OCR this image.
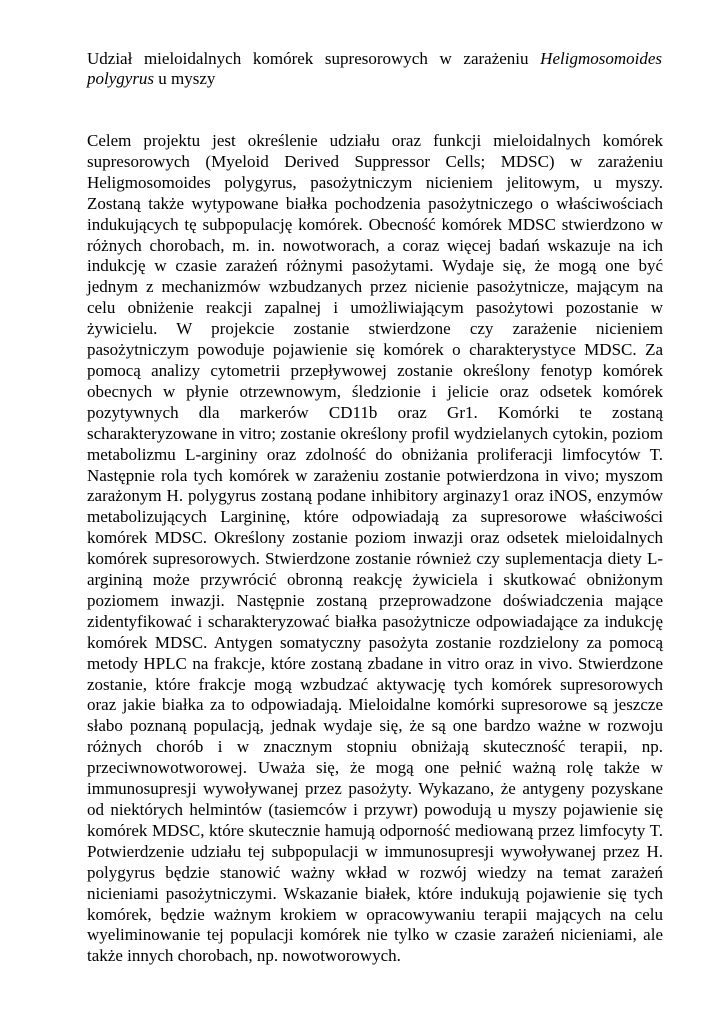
Udział mieloidalnych komórek supresorowych w zarażeniu Heligmosomoides polygyrus u myszy

Celem projektu jest określenie udziału oraz funkcji mieloidalnych komórek supresorowych (Myeloid Derived Suppressor Cells; MDSC) w zarażeniu Heligmosomoides polygyrus, pasożytniczym nicieniem jelitowym, u myszy. Zostaną także wytypowane białka pochodzenia pasożytniczego o właściwościach indukujących tę subpopulację komórek. Obecność komórek MDSC stwierdzono w różnych chorobach, m. in. nowotworach, a coraz więcej badań wskazuje na ich indukcję w czasie zarażeń różnymi pasożytami. Wydaje się, że mogą one być jednym z mechanizmów wzbudzanych przez nicienie pasożytnicze, mającym na celu obniżenie reakcji zapalnej i umożliwiającym pasożytowi pozostanie w żywicielu. W projekcie zostanie stwierdzone czy zarażenie nicieniem pasożytniczym powoduje pojawienie się komórek o charakterystyce MDSC. Za pomocą analizy cytometrii przepływowej zostanie określony fenotyp komórek obecnych w płynie otrzewnowym, śledzionie i jelicie oraz odsetek komórek pozytywnych dla markerów CD11b oraz Gr1. Komórki te zostaną scharakteryzowane in vitro; zostanie określony profil wydzielanych cytokin, poziom metabolizmu L-argininy oraz zdolność do obniżania proliferacji limfocytów T. Następnie rola tych komórek w zarażeniu zostanie potwierdzona in vivo; myszom zarażonym H. polygyrus zostaną podane inhibitory arginazy1 oraz iNOS, enzymów metabolizujących Largininę, które odpowiadają za supresorowe właściwości komórek MDSC. Określony zostanie poziom inwazji oraz odsetek mieloidalnych komórek supresorowych. Stwierdzone zostanie również czy suplementacja diety L-argininą może przywrócić obronną reakcję żywiciela i skutkować obniżonym poziomem inwazji. Następnie zostaną przeprowadzone doświadczenia mające zidentyfikować i scharakteryzować białka pasożytnicze odpowiadające za indukcję komórek MDSC. Antygen somatyczny pasożyta zostanie rozdzielony za pomocą metody HPLC na frakcje, które zostaną zbadane in vitro oraz in vivo. Stwierdzone zostanie, które frakcje mogą wzbudzać aktywację tych komórek supresorowych oraz jakie białka za to odpowiadają. Mieloidalne komórki supresorowe są jeszcze słabo poznaną populacją, jednak wydaje się, że są one bardzo ważne w rozwoju różnych chorób i w znacznym stopniu obniżają skuteczność terapii, np. przeciwnowotworowej. Uważa się, że mogą one pełnić ważną rolę także w immunosupresji wywoływanej przez pasożyty. Wykazano, że antygeny pozyskane od niektórych helmintów (tasiemców i przywr) powodują u myszy pojawienie się komórek MDSC, które skutecznie hamują odporność mediowaną przez limfocyty T. Potwierdzenie udziału tej subpopulacji w immunosupresji wywoływanej przez H. polygyrus będzie stanowić ważny wkład w rozwój wiedzy na temat zarażeń nicieniami pasożytniczymi. Wskazanie białek, które indukują pojawienie się tych komórek, będzie ważnym krokiem w opracowywaniu terapii mających na celu wyeliminowanie tej populacji komórek nie tylko w czasie zarażeń nicieniami, ale także innych chorobach, np. nowotworowych.
